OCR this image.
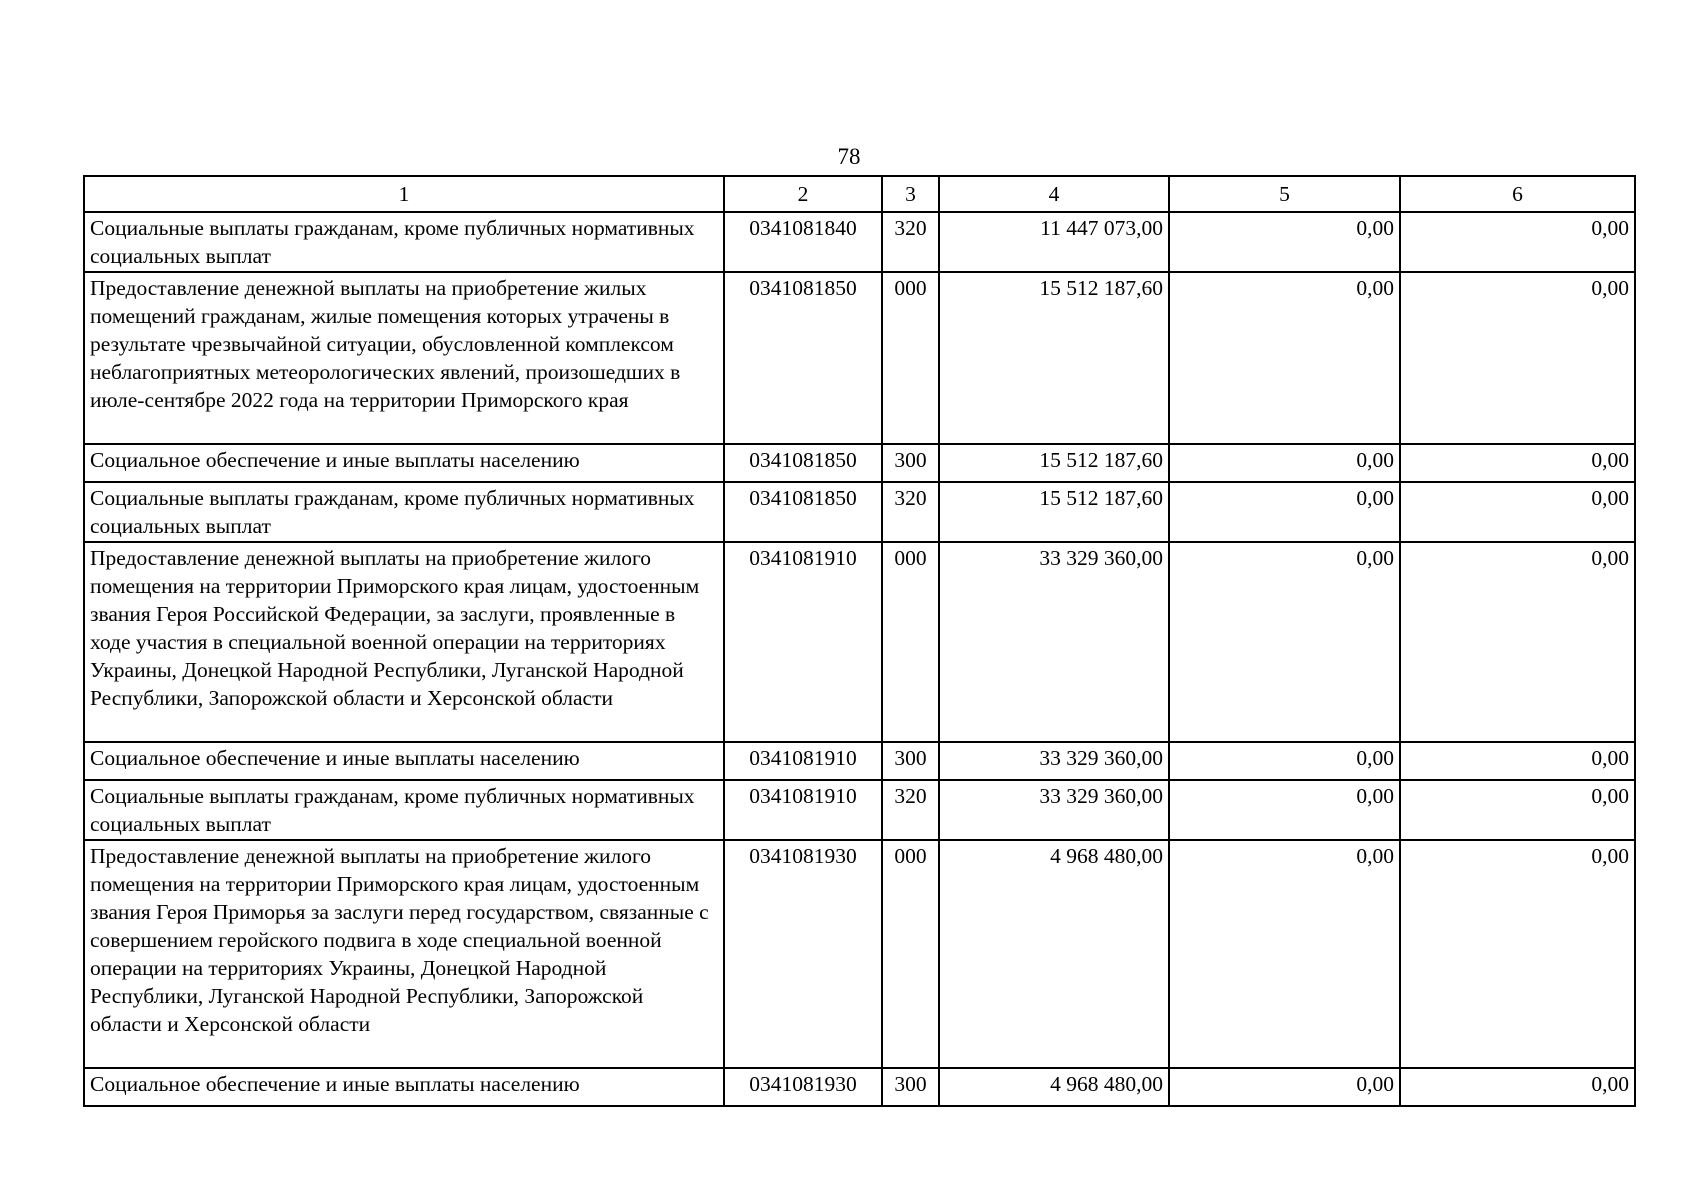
78
1	2	3	4	5	6
Социальные выплаты гражданам, кроме публичных нормативных социальных выплат	0341081840	320	11 447 073,00	0,00	0,00
Предоставление денежной выплаты на приобретение жилых помещений гражданам, жилые помещения которых утрачены в результате чрезвычайной ситуации, обусловленной комплексом неблагоприятных метеорологических явлений, произошедших в июле-сентябре 2022 года на территории Приморского края	0341081850	000	15 512 187,60	0,00	0,00
Социальное обеспечение и иные выплаты населению	0341081850	300	15 512 187,60	0,00	0,00
Социальные выплаты гражданам, кроме публичных нормативных социальных выплат	0341081850	320	15 512 187,60	0,00	0,00
Предоставление денежной выплаты на приобретение жилого помещения на территории Приморского края лицам, удостоенным звания Героя Российской Федерации, за заслуги, проявленные в ходе участия в специальной военной операции на территориях Украины, Донецкой Народной Республики, Луганской Народной Республики, Запорожской области и Херсонской области	0341081910	000	33 329 360,00	0,00	0,00
Социальное обеспечение и иные выплаты населению	0341081910	300	33 329 360,00	0,00	0,00
Социальные выплаты гражданам, кроме публичных нормативных социальных выплат	0341081910	320	33 329 360,00	0,00	0,00
Предоставление денежной выплаты на приобретение жилого помещения на территории Приморского края лицам, удостоенным звания Героя Приморья за заслуги перед государством, связанные с совершением геройского подвига в ходе специальной военной операции на территориях Украины, Донецкой Народной Республики, Луганской Народной Республики, Запорожской области и Херсонской области	0341081930	000	4 968 480,00	0,00	0,00
Социальное обеспечение и иные выплаты населению	0341081930	300	4 968 480,00	0,00	0,00
